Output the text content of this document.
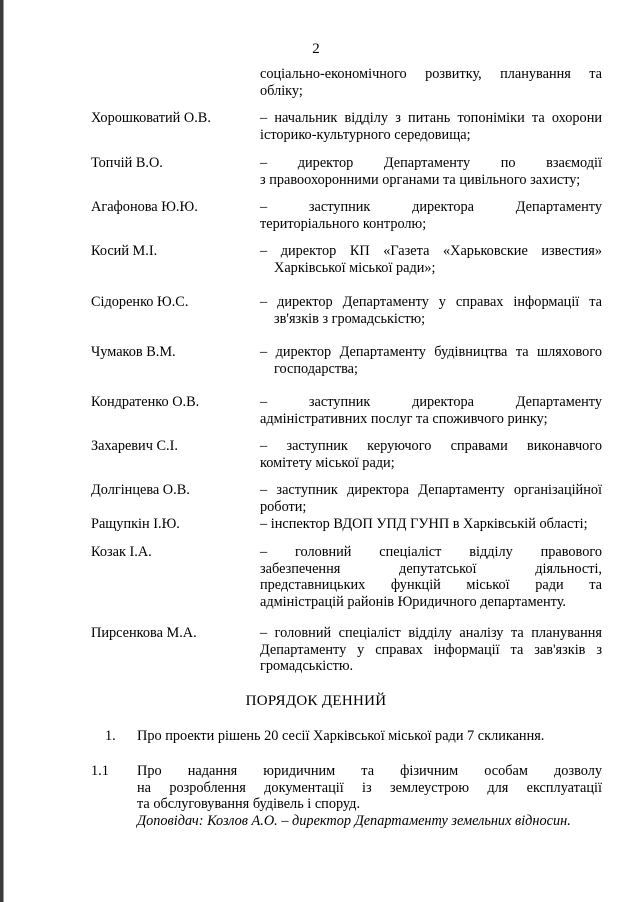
2
соціально-економічного розвитку, планування та
обліку;
Хорошковатий О.В.	– начальник відділу з питань топоніміки та охорони
історико-культурного середовища;
Топчій В.О.	– директор Департаменту по взаємодії
з правоохоронними органами та цивільного захисту;
Агафонова Ю.Ю.	– заступник директора Департаменту
територіального контролю;
Косий М.І.	– директор КП «Газета «Харьковские известия»
Харківської міської ради»;
Сідоренко Ю.С.	– директор Департаменту у справах інформації та
зв'язків з громадськістю;
Чумаков В.М.	– директор Департаменту будівництва та шляхового
господарства;
Кондратенко О.В.	– заступник директора Департаменту
адміністративних послуг та споживчого ринку;
Захаревич С.І.	– заступник керуючого справами виконавчого
комітету міської ради;
Долгінцева О.В.	– заступник директора Департаменту організаційної
роботи;
Ращупкін І.Ю.	– інспектор ВДОП УПД ГУНП в Харківській області;
Козак І.А.	– головний спеціаліст відділу правового
забезпечення депутатської діяльності,
представницьких функцій міської ради та
адміністрацій районів Юридичного департаменту.
Пирсенкова М.А.	– головний спеціаліст відділу аналізу та планування
Департаменту у справах інформації та зав'язків з
громадськістю.
ПОРЯДОК ДЕННИЙ
1. Про проекти рішень 20 сесії Харківської міської ради 7 скликання.
1.1 Про надання юридичним та фізичним особам дозволу
на розроблення документації із землеустрою для експлуатації
та обслуговування будівель і споруд.
Доповідач: Козлов А.О. – директор Департаменту земельних відносин.
